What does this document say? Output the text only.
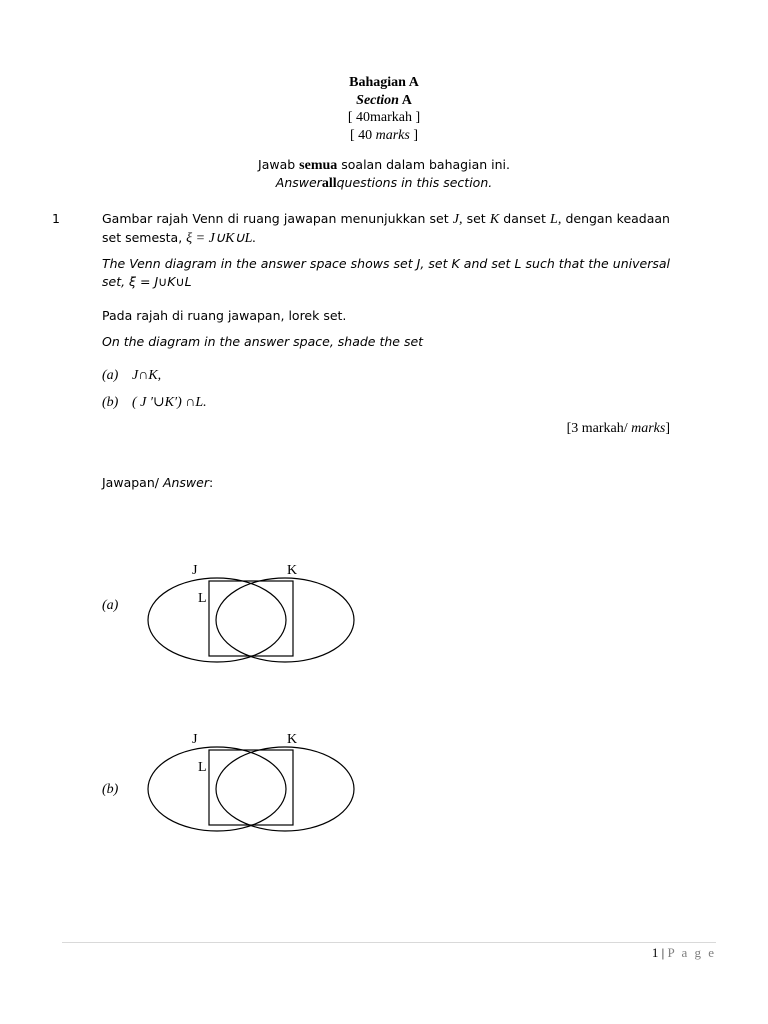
Bahagian A
Section A
[ 40markah ]
[ 40 marks ]
Jawab semua soalan dalam bahagian ini.
Answerallquestions in this section.
1	Gambar rajah Venn di ruang jawapan menunjukkan set J, set K danset L, dengan keadaan set semesta, ξ = J∪K∪L.
The Venn diagram in the answer space shows set J, set K and set L such that the universal set, ξ = J∪K∪L
Pada rajah di ruang jawapan, lorek set.
On the diagram in the answer space, shade the set
(a) J∩K,
(b) ( J ′∪K′) ∩L.
[3 markah/ marks]
Jawapan/ Answer:
(a)
J	K
L
(b)
J	K
L
1 | P a g e
